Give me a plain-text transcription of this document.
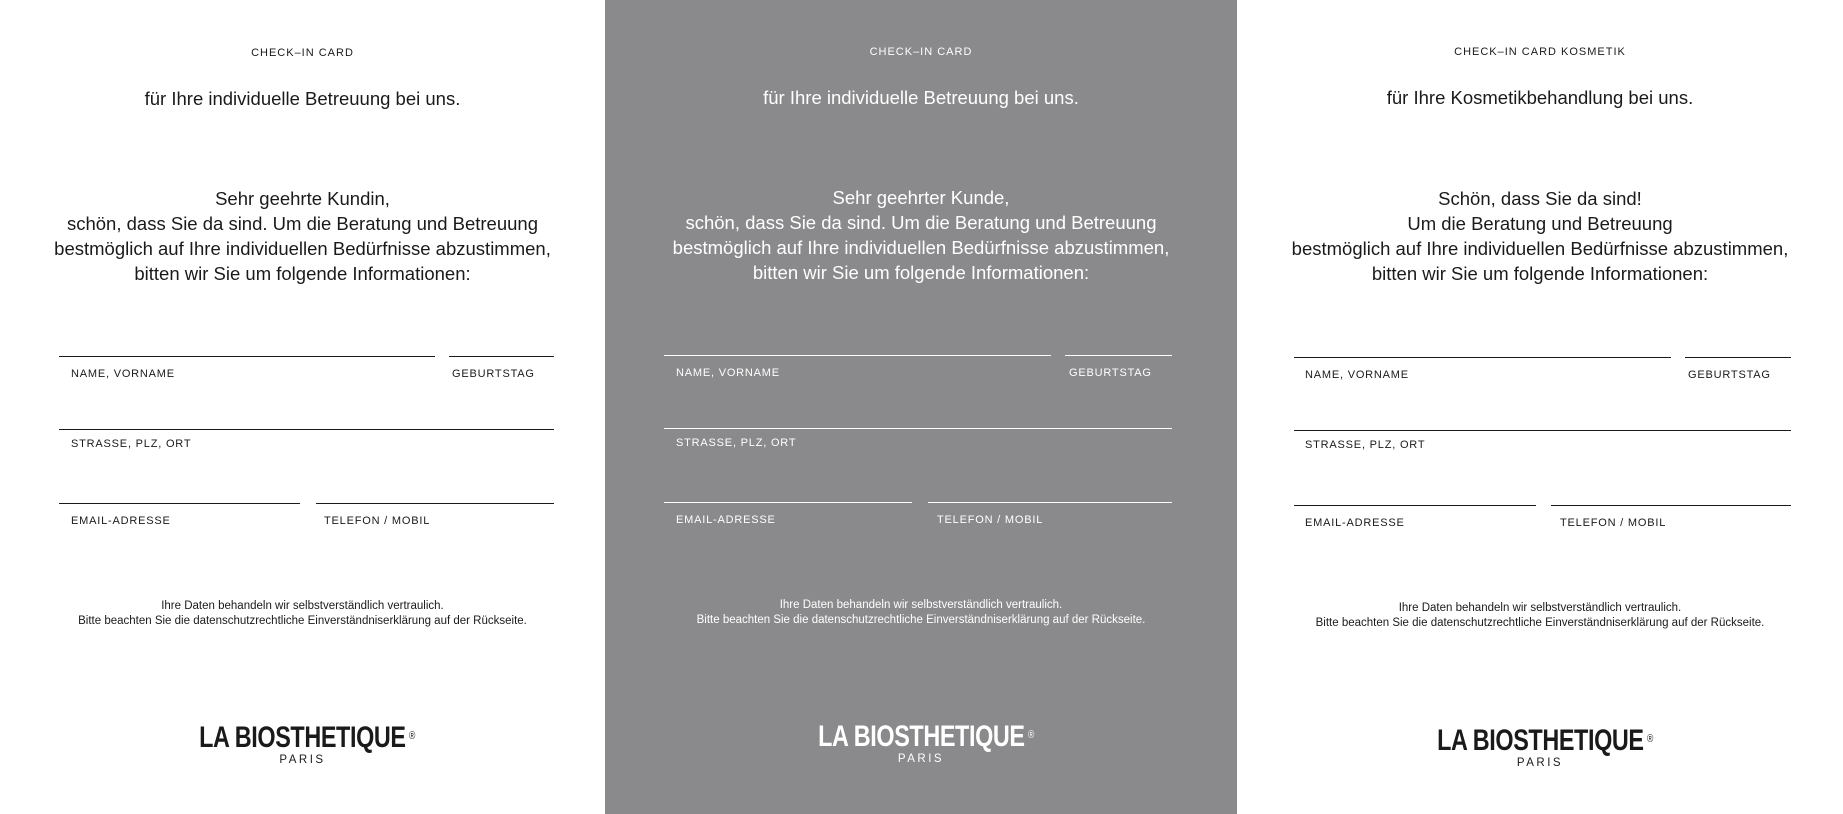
CHECK–IN CARD
für Ihre individuelle Betreuung bei uns.
Sehr geehrte Kundin,
schön, dass Sie da sind. Um die Beratung und Betreuung
bestmöglich auf Ihre individuellen Bedürfnisse abzustimmen,
bitten wir Sie um folgende Informationen:
NAME, VORNAME	GEBURTSTAG
STRASSE, PLZ, ORT
EMAIL-ADRESSE	TELEFON / MOBIL
Ihre Daten behandeln wir selbstverständlich vertraulich.
Bitte beachten Sie die datenschutzrechtliche Einverständniserklärung auf der Rückseite.
LA BIOSTHETIQUE ®
PARIS
CHECK–IN CARD
für Ihre individuelle Betreuung bei uns.
Sehr geehrter Kunde,
schön, dass Sie da sind. Um die Beratung und Betreuung
bestmöglich auf Ihre individuellen Bedürfnisse abzustimmen,
bitten wir Sie um folgende Informationen:
NAME, VORNAME	GEBURTSTAG
STRASSE, PLZ, ORT
EMAIL-ADRESSE	TELEFON / MOBIL
Ihre Daten behandeln wir selbstverständlich vertraulich.
Bitte beachten Sie die datenschutzrechtliche Einverständniserklärung auf der Rückseite.
LA BIOSTHETIQUE ®
PARIS
CHECK–IN CARD KOSMETIK
für Ihre Kosmetikbehandlung bei uns.
Schön, dass Sie da sind!
Um die Beratung und Betreuung
bestmöglich auf Ihre individuellen Bedürfnisse abzustimmen,
bitten wir Sie um folgende Informationen:
NAME, VORNAME	GEBURTSTAG
STRASSE, PLZ, ORT
EMAIL-ADRESSE	TELEFON / MOBIL
Ihre Daten behandeln wir selbstverständlich vertraulich.
Bitte beachten Sie die datenschutzrechtliche Einverständniserklärung auf der Rückseite.
LA BIOSTHETIQUE ®
PARIS
